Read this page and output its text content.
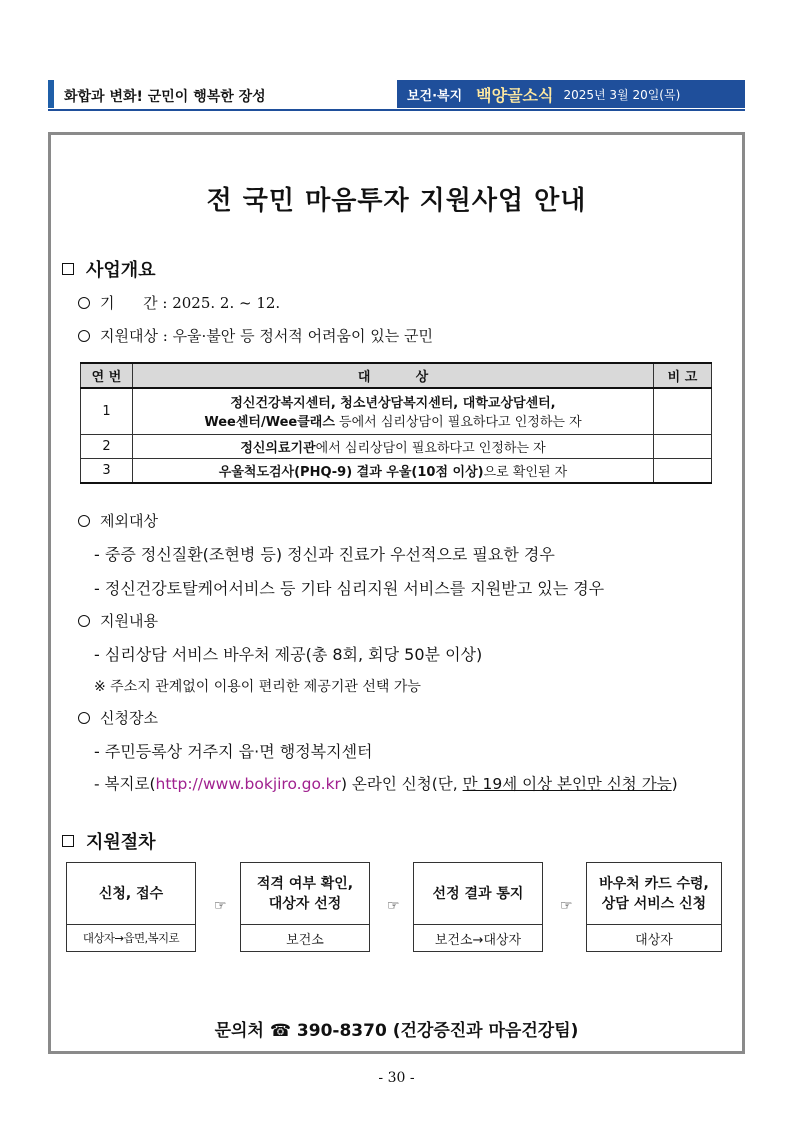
화합과 변화! 군민이 행복한 장성	보건·복지 백양골소식 2025년 3월 20일(목)
전 국민 마음투자 지원사업 안내
사업개요
기      간 : 2025. 2. ~ 12.
지원대상 : 우울·불안 등 정서적 어려움이 있는 군민
연 번	대          상	비 고
1	정신건강복지센터, 청소년상담복지센터, 대학교상담센터,
Wee센터/Wee클래스 등에서 심리상담이 필요하다고 인정하는 자	

2	정신의료기관에서 심리상담이 필요하다고 인정하는 자	
3	우울척도검사(PHQ-9) 결과 우울(10점 이상)으로 확인된 자	
제외대상
- 중증 정신질환(조현병 등) 정신과 진료가 우선적으로 필요한 경우
- 정신건강토탈케어서비스 등 기타 심리지원 서비스를 지원받고 있는 경우
지원내용
- 심리상담 서비스 바우처 제공(총 8회, 회당 50분 이상)
※ 주소지 관계없이 이용이 편리한 제공기관 선택 가능
신청장소
- 주민등록상 거주지 읍·면 행정복지센터
- 복지로(http://www.bokjiro.go.kr) 온라인 신청(단, 만 19세 이상 본인만 신청 가능)
지원절차
신청, 접수
대상자→읍면,복지로
☞
적격 여부 확인,
대상자 선정
보건소
☞
선정 결과 통지
보건소→대상자
☞
바우처 카드 수령,
상담 서비스 신청
대상자
문의처 ☎ 390-8370 (건강증진과 마음건강팀)
- 30 -
